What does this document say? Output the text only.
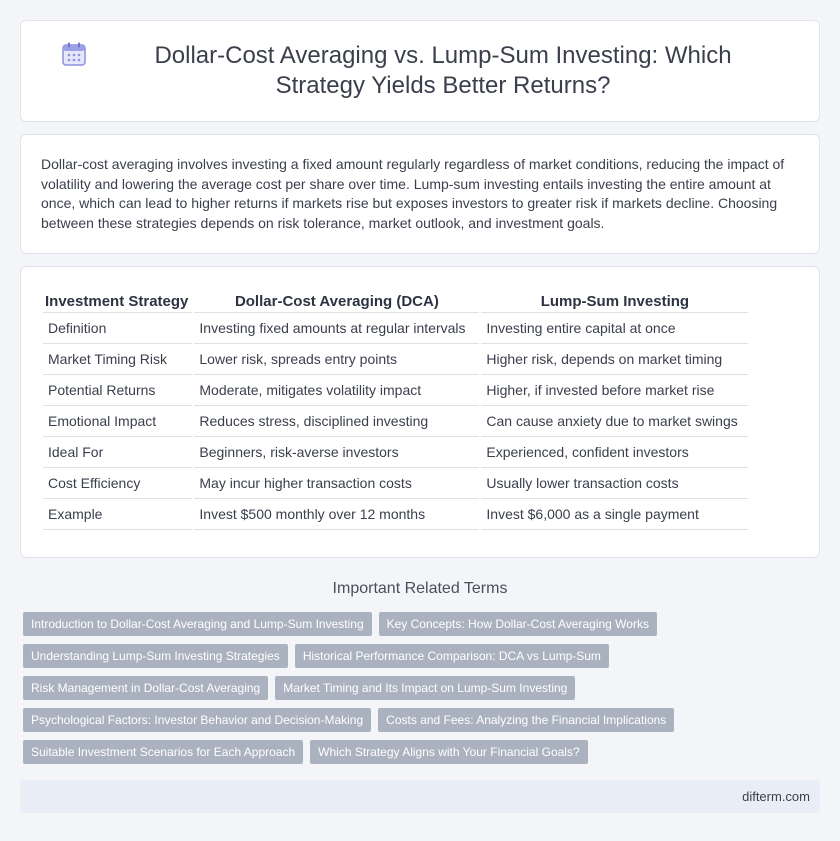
Dollar-Cost Averaging vs. Lump-Sum Investing: Which Strategy Yields Better Returns?

Dollar-cost averaging involves investing a fixed amount regularly regardless of market conditions, reducing the impact of volatility and lowering the average cost per share over time. Lump-sum investing entails investing the entire amount at once, which can lead to higher returns if markets rise but exposes investors to greater risk if markets decline. Choosing between these strategies depends on risk tolerance, market outlook, and investment goals.

Investment Strategy	Dollar-Cost Averaging (DCA)	Lump-Sum Investing
Definition	Investing fixed amounts at regular intervals	Investing entire capital at once
Market Timing Risk	Lower risk, spreads entry points	Higher risk, depends on market timing
Potential Returns	Moderate, mitigates volatility impact	Higher, if invested before market rise
Emotional Impact	Reduces stress, disciplined investing	Can cause anxiety due to market swings
Ideal For	Beginners, risk-averse investors	Experienced, confident investors
Cost Efficiency	May incur higher transaction costs	Usually lower transaction costs
Example	Invest $500 monthly over 12 months	Invest $6,000 as a single payment
Important Related Terms
Introduction to Dollar-Cost Averaging and Lump-Sum Investing	Key Concepts: How Dollar-Cost Averaging Works
Understanding Lump-Sum Investing Strategies	Historical Performance Comparison: DCA vs Lump-Sum
Risk Management in Dollar-Cost Averaging	Market Timing and Its Impact on Lump-Sum Investing
Psychological Factors: Investor Behavior and Decision-Making	Costs and Fees: Analyzing the Financial Implications
Suitable Investment Scenarios for Each Approach	Which Strategy Aligns with Your Financial Goals?
difterm.com
